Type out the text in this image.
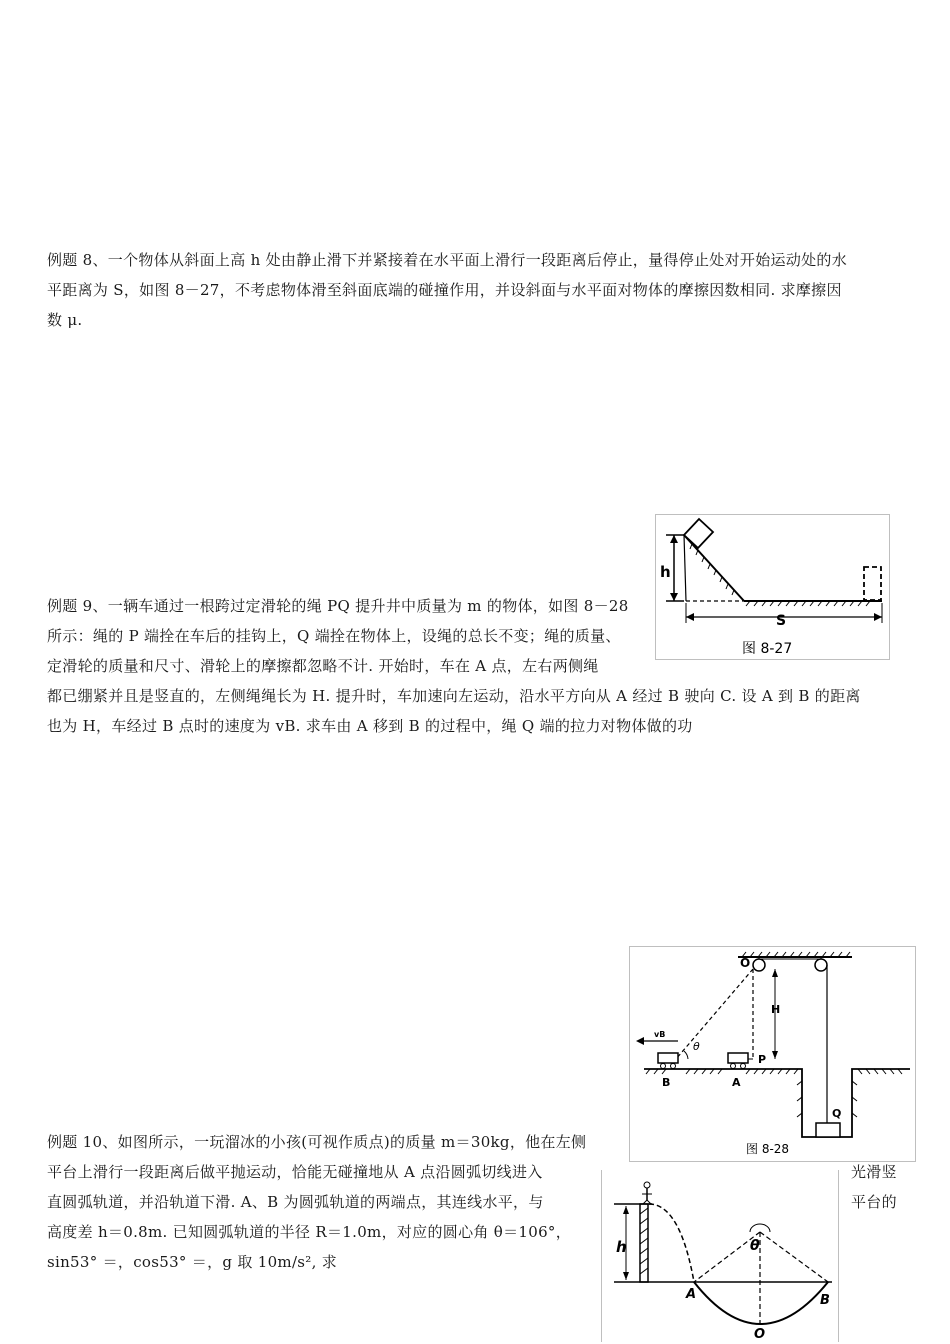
例题 8、一个物体从斜面上高 h 处由静止滑下并紧接着在水平面上滑行一段距离后停止，量得停止处对开始运动处的水
平距离为 S，如图 8－27，不考虑物体滑至斜面底端的碰撞作用，并设斜面与水平面对物体的摩擦因数相同. 求摩擦因
数 μ.
h
S
图 8-27
例题 9、一辆车通过一根跨过定滑轮的绳 PQ 提升井中质量为 m 的物体，如图 8－28
所示：绳的 P 端拴在车后的挂钩上，Q 端拴在物体上，设绳的总长不变；绳的质量、
定滑轮的质量和尺寸、滑轮上的摩擦都忽略不计. 开始时，车在 A 点，左右两侧绳
都已绷紧并且是竖直的，左侧绳绳长为 H. 提升时，车加速向左运动，沿水平方向从 A 经过 B 驶向 C. 设 A 到 B 的距离
也为 H，车经过 B 点时的速度为 vB. 求车由 A 移到 B 的过程中，绳 Q 端的拉力对物体做的功
O
H
Q
P
vB
θ
B	A
图 8-28
例题 10、如图所示，一玩溜冰的小孩(可视作质点)的质量 m＝30kg，他在左侧
平台上滑行一段距离后做平抛运动，恰能无碰撞地从 A 点沿圆弧切线进入
直圆弧轨道，并沿轨道下滑. A、B 为圆弧轨道的两端点，其连线水平，与
高度差 h＝0.8m. 已知圆弧轨道的半径 R＝1.0m，对应的圆心角 θ＝106°，
sin53° ＝，cos53° ＝，g 取 10m/s², 求
光滑竖
平台的
h	θ
A	B
O
